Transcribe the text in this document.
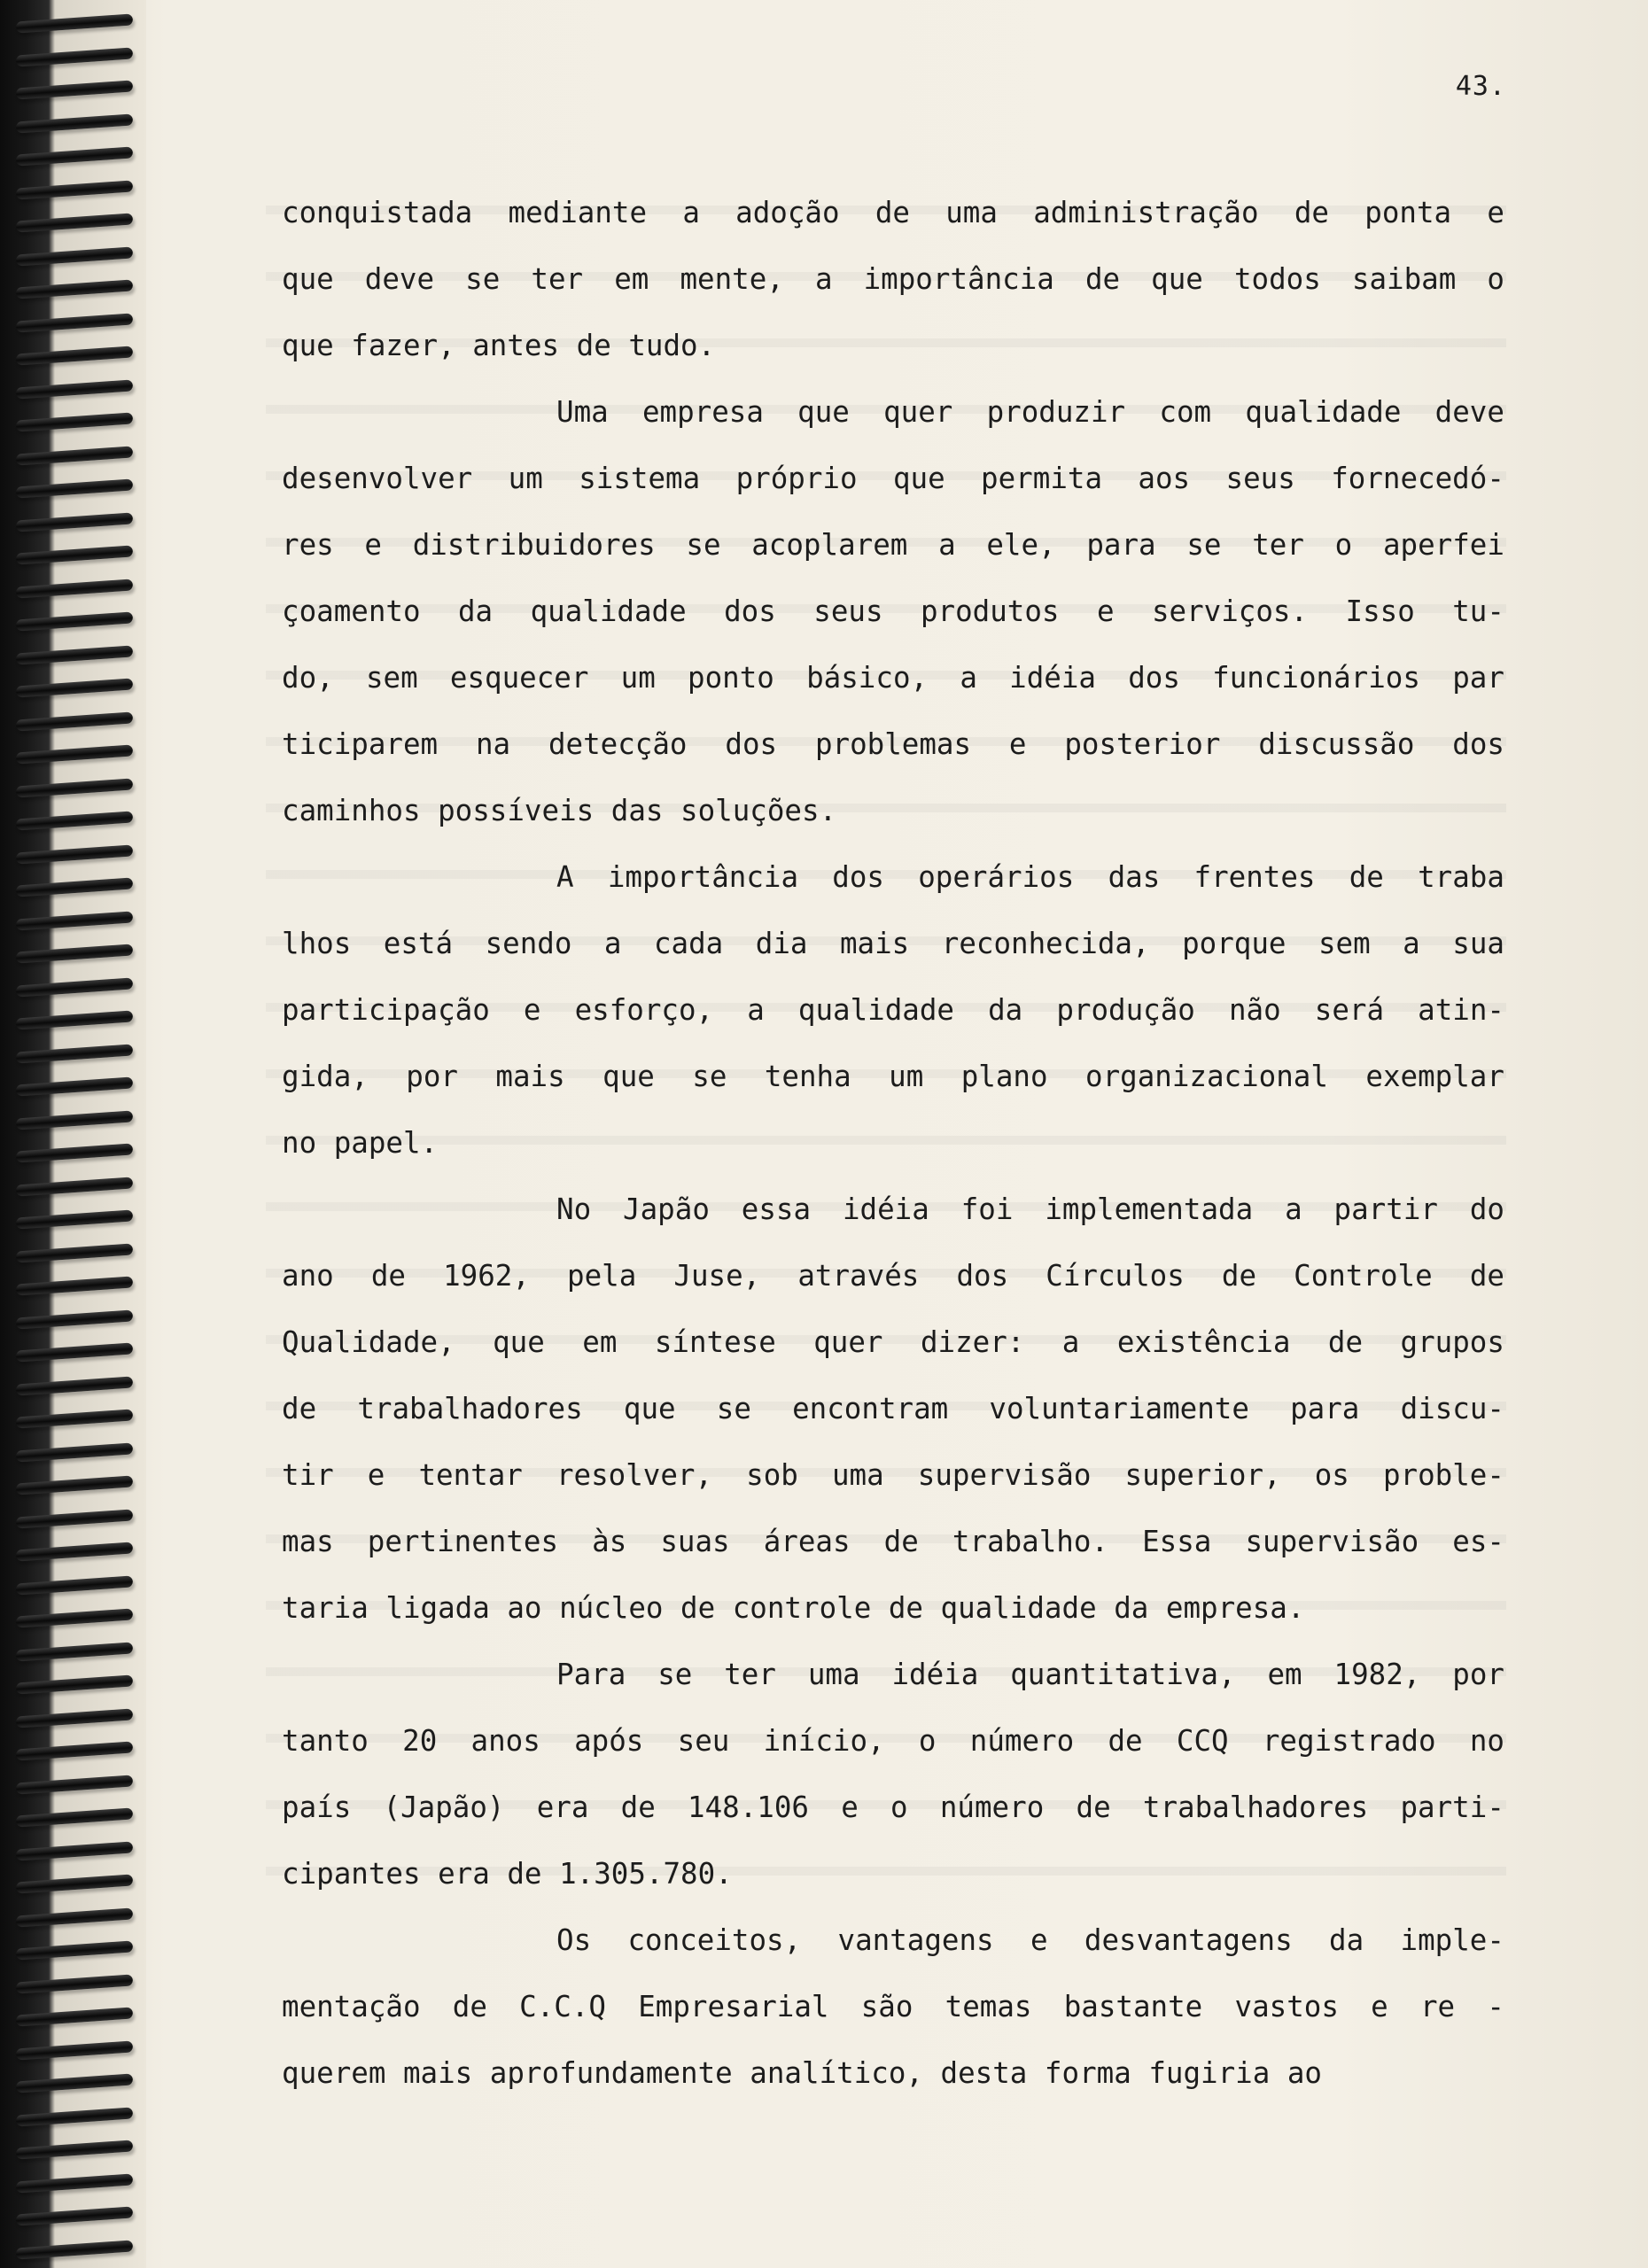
43.
conquistada mediante a adoção de uma administração de ponta e
que deve se ter em mente, a importância de que todos saibam o
que fazer, antes de tudo.
Uma empresa que quer produzir com qualidade deve
desenvolver um sistema próprio que permita aos seus fornecedó-
res e distribuidores se acoplarem a ele, para se ter o aperfei
çoamento da qualidade dos seus produtos e serviços. Isso tu-
do, sem esquecer um ponto básico, a idéia dos funcionários par
ticiparem na detecção dos problemas e posterior discussão dos
caminhos possíveis das soluções.
A importância dos operários das frentes de traba
lhos está sendo a cada dia mais reconhecida, porque sem a sua
participação e esforço, a qualidade da produção não será atin-
gida, por mais que se tenha um plano organizacional exemplar
no papel.
No Japão essa idéia foi implementada a partir do
ano de 1962, pela Juse, através dos Círculos de Controle de
Qualidade, que em síntese quer dizer: a existência de grupos
de trabalhadores que se encontram voluntariamente para discu-
tir e tentar resolver, sob uma supervisão superior, os proble-
mas pertinentes às suas áreas de trabalho. Essa supervisão es-
taria ligada ao núcleo de controle de qualidade da empresa.
Para se ter uma idéia quantitativa, em 1982, por
tanto 20 anos após seu início, o número de CCQ registrado no
país (Japão) era de 148.106 e o número de trabalhadores parti-
cipantes era de 1.305.780.
Os conceitos, vantagens e desvantagens da imple-
mentação de C.C.Q Empresarial são temas bastante vastos e re -
querem mais aprofundamente analítico, desta forma fugiria ao
